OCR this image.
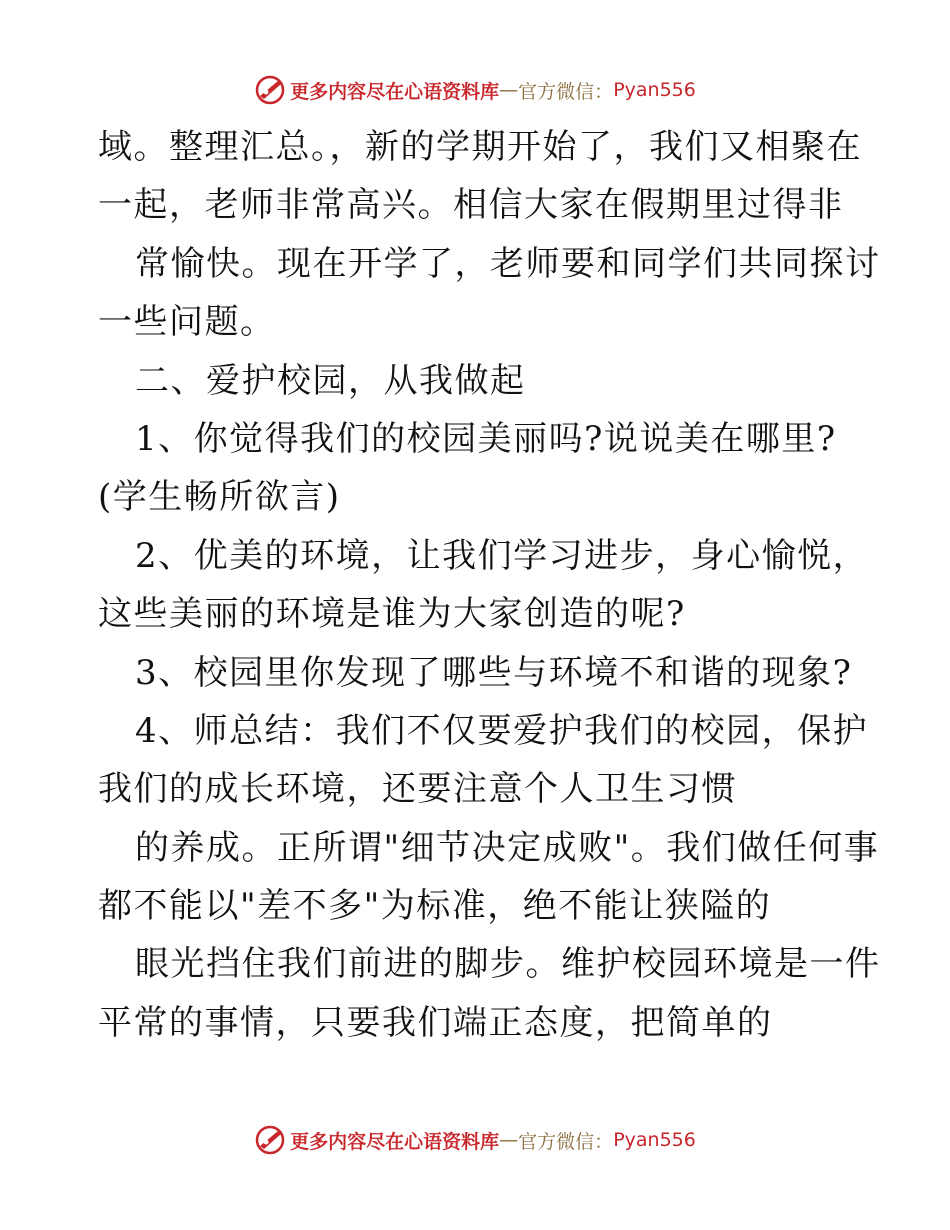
更多内容尽在心语资料库 — 官方微信： Pyan556
域。整理汇总。，新的学期开始了，我们又相聚在
一起，老师非常高兴。相信大家在假期里过得非
常愉快。现在开学了，老师要和同学们共同探讨
一些问题。
二、爱护校园，从我做起
1、你觉得我们的校园美丽吗?说说美在哪里?
(学生畅所欲言)
2、优美的环境，让我们学习进步，身心愉悦，
这些美丽的环境是谁为大家创造的呢?
3、校园里你发现了哪些与环境不和谐的现象?
4、师总结：我们不仅要爱护我们的校园，保护
我们的成长环境，还要注意个人卫生习惯
的养成。正所谓"细节决定成败"。我们做任何事
都不能以"差不多"为标准，绝不能让狭隘的
眼光挡住我们前进的脚步。维护校园环境是一件
平常的事情，只要我们端正态度，把简单的
更多内容尽在心语资料库 — 官方微信： Pyan556
